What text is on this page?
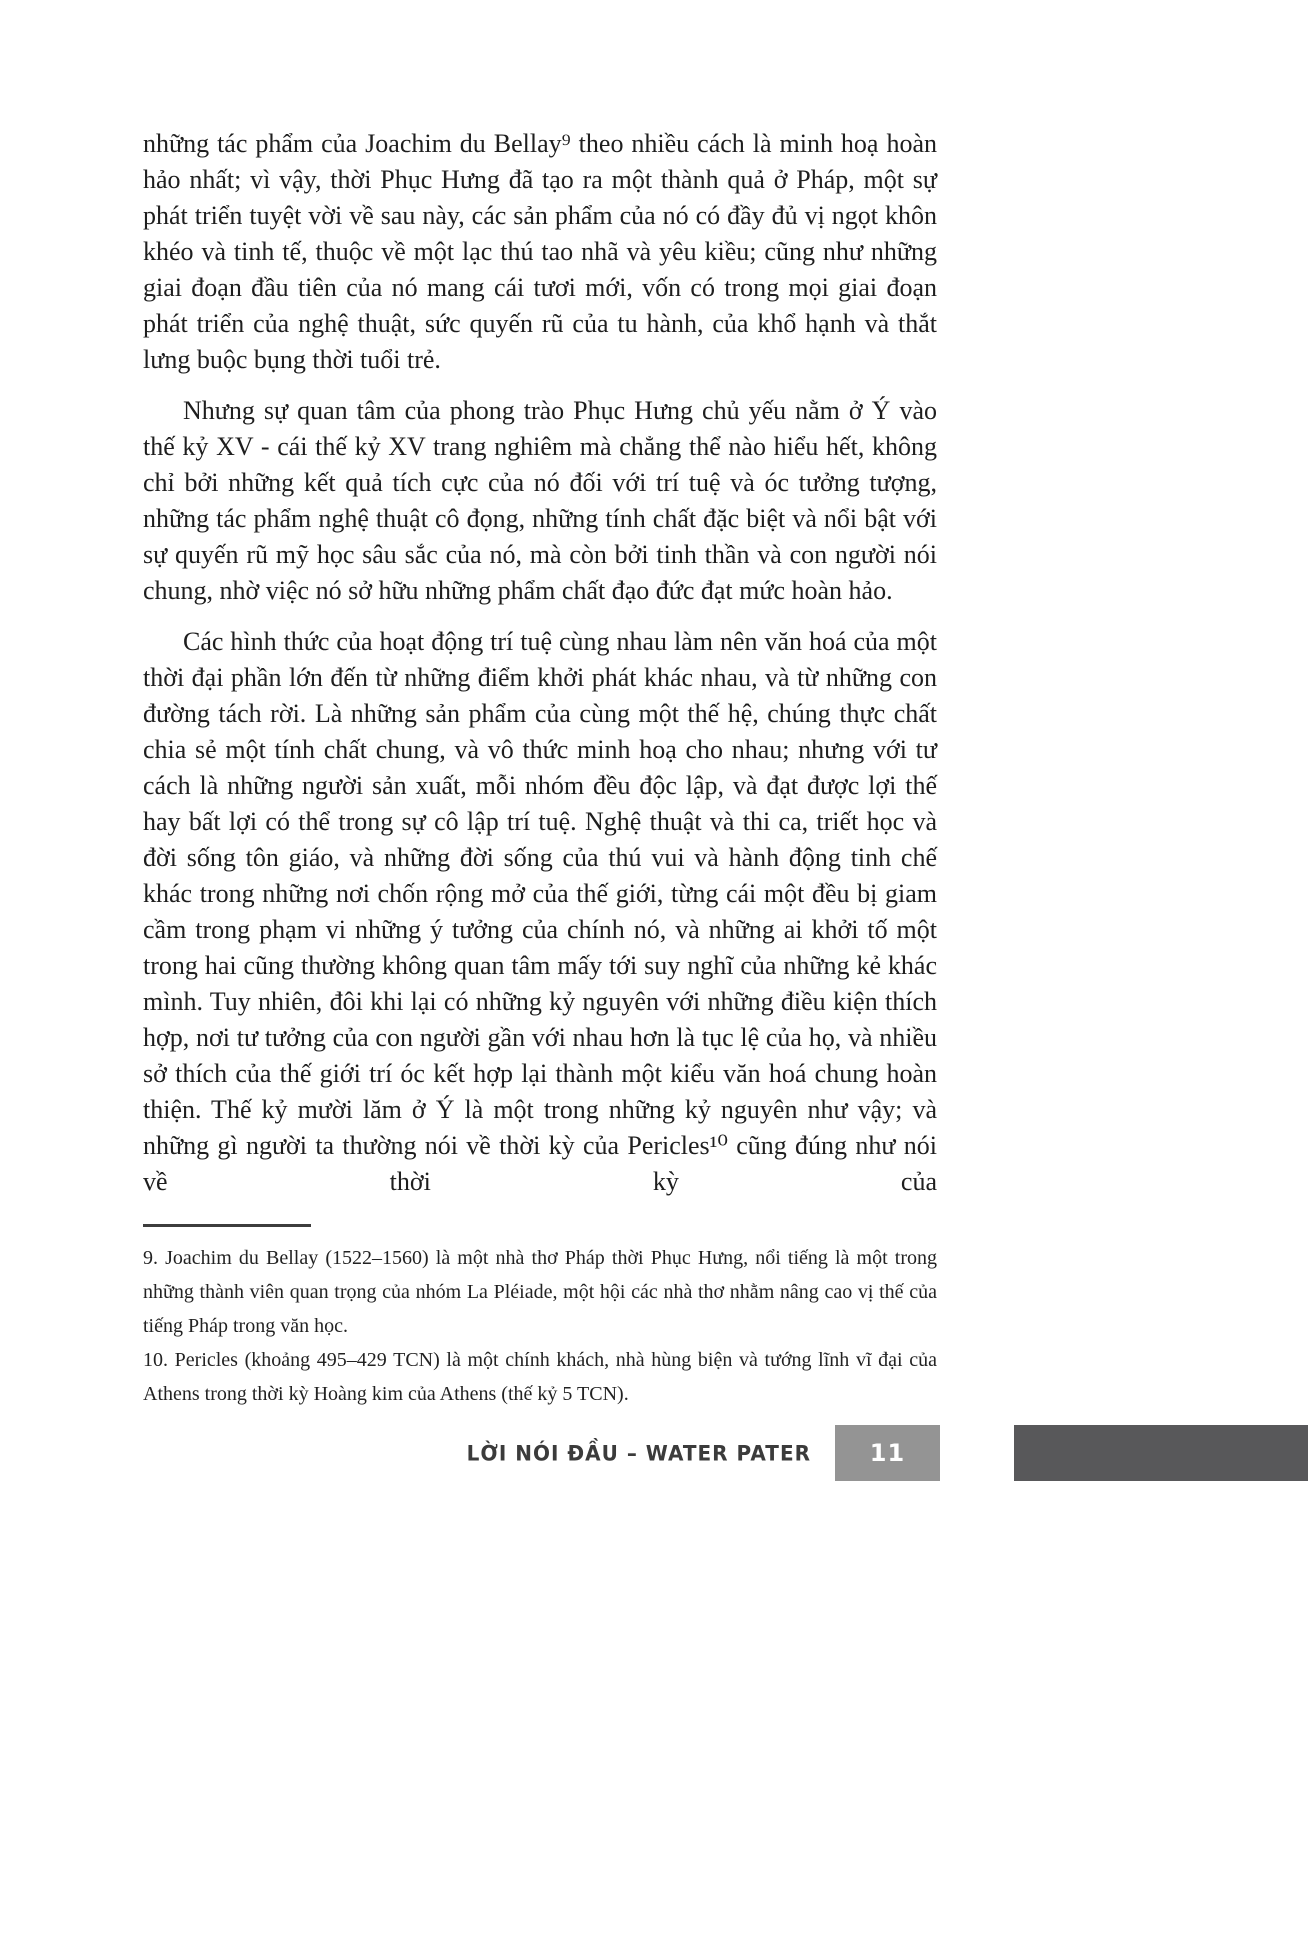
những tác phẩm của Joachim du Bellay⁹ theo nhiều cách là minh hoạ hoàn hảo nhất; vì vậy, thời Phục Hưng đã tạo ra một thành quả ở Pháp, một sự phát triển tuyệt vời về sau này, các sản phẩm của nó có đầy đủ vị ngọt khôn khéo và tinh tế, thuộc về một lạc thú tao nhã và yêu kiều; cũng như những giai đoạn đầu tiên của nó mang cái tươi mới, vốn có trong mọi giai đoạn phát triển của nghệ thuật, sức quyến rũ của tu hành, của khổ hạnh và thắt lưng buộc bụng thời tuổi trẻ.

Nhưng sự quan tâm của phong trào Phục Hưng chủ yếu nằm ở Ý vào thế kỷ XV - cái thế kỷ XV trang nghiêm mà chẳng thể nào hiểu hết, không chỉ bởi những kết quả tích cực của nó đối với trí tuệ và óc tưởng tượng, những tác phẩm nghệ thuật cô đọng, những tính chất đặc biệt và nổi bật với sự quyến rũ mỹ học sâu sắc của nó, mà còn bởi tinh thần và con người nói chung, nhờ việc nó sở hữu những phẩm chất đạo đức đạt mức hoàn hảo.

Các hình thức của hoạt động trí tuệ cùng nhau làm nên văn hoá của một thời đại phần lớn đến từ những điểm khởi phát khác nhau, và từ những con đường tách rời. Là những sản phẩm của cùng một thế hệ, chúng thực chất chia sẻ một tính chất chung, và vô thức minh hoạ cho nhau; nhưng với tư cách là những người sản xuất, mỗi nhóm đều độc lập, và đạt được lợi thế hay bất lợi có thể trong sự cô lập trí tuệ. Nghệ thuật và thi ca, triết học và đời sống tôn giáo, và những đời sống của thú vui và hành động tinh chế khác trong những nơi chốn rộng mở của thế giới, từng cái một đều bị giam cầm trong phạm vi những ý tưởng của chính nó, và những ai khởi tố một trong hai cũng thường không quan tâm mấy tới suy nghĩ của những kẻ khác mình. Tuy nhiên, đôi khi lại có những kỷ nguyên với những điều kiện thích hợp, nơi tư tưởng của con người gần với nhau hơn là tục lệ của họ, và nhiều sở thích của thế giới trí óc kết hợp lại thành một kiểu văn hoá chung hoàn thiện. Thế kỷ mười lăm ở Ý là một trong những kỷ nguyên như vậy; và những gì người ta thường nói về thời kỳ của Pericles¹⁰ cũng đúng như nói về thời kỳ của

9. Joachim du Bellay (1522–1560) là một nhà thơ Pháp thời Phục Hưng, nổi tiếng là một trong những thành viên quan trọng của nhóm La Pléiade, một hội các nhà thơ nhằm nâng cao vị thế của tiếng Pháp trong văn học.

10. Pericles (khoảng 495–429 TCN) là một chính khách, nhà hùng biện và tướng lĩnh vĩ đại của Athens trong thời kỳ Hoàng kim của Athens (thế kỷ 5 TCN).

LỜI NÓI ĐẦU – WATER PATER 11
